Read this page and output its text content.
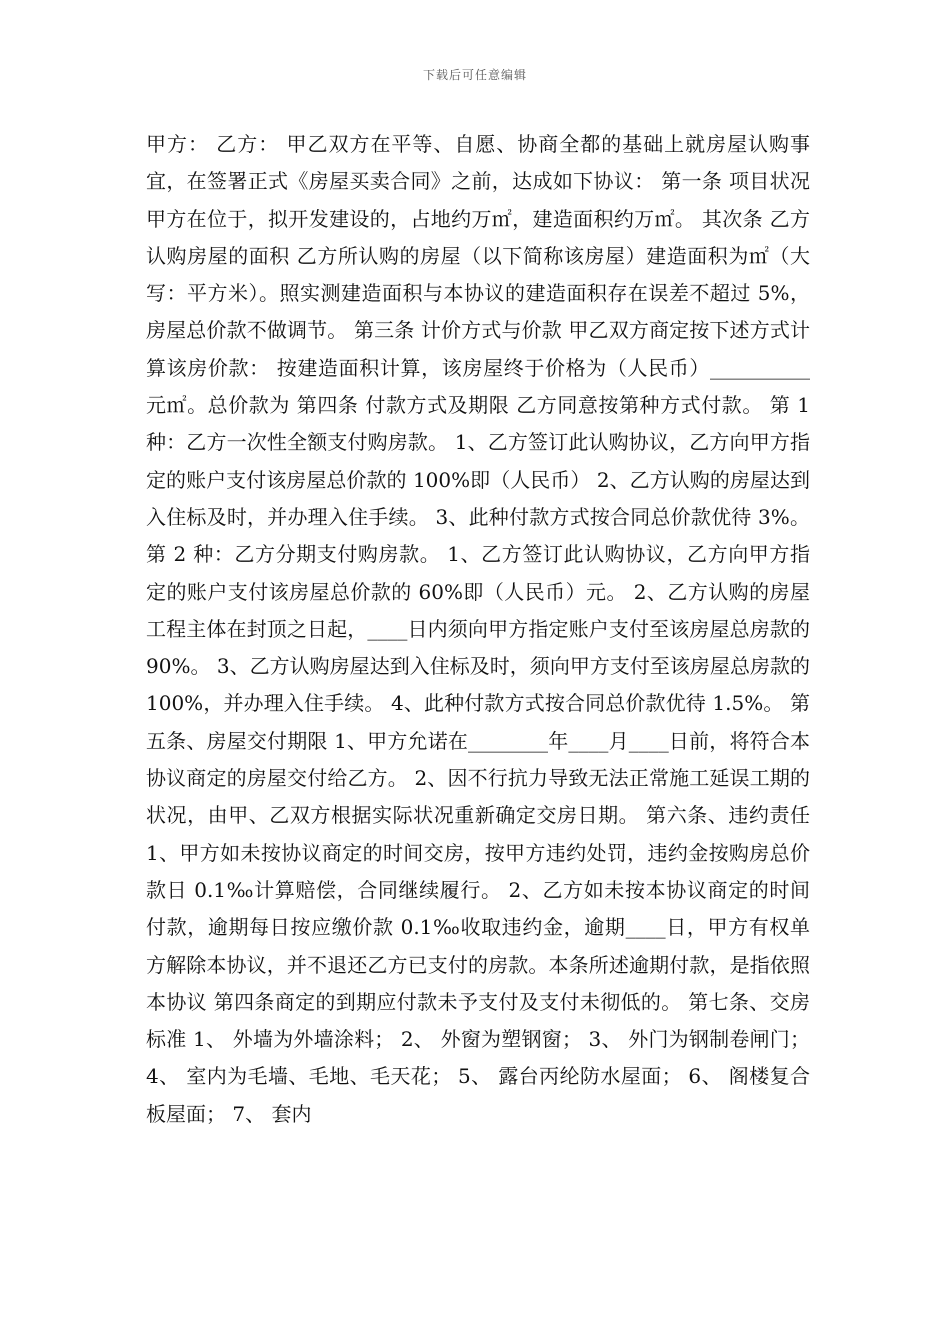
下载后可任意编辑
甲方： 乙方： 甲乙双方在平等、自愿、协商全都的基础上就房屋认购事宜，在签署正式《房屋买卖合同》之前，达成如下协议： 第一条 项目状况 甲方在位于，拟开发建设的，占地约万㎡，建造面积约万㎡。 其次条 乙方认购房屋的面积 乙方所认购的房屋（以下简称该房屋）建造面积为㎡（大写：平方米）。照实测建造面积与本协议的建造面积存在误差不超过 5%，房屋总价款不做调节。 第三条 计价方式与价款 甲乙双方商定按下述方式计算该房价款： 按建造面积计算，该房屋终于价格为（人民币）__________元㎡。总价款为 第四条 付款方式及期限 乙方同意按第种方式付款。 第 1 种：乙方一次性全额支付购房款。 1、乙方签订此认购协议，乙方向甲方指定的账户支付该房屋总价款的 100%即（人民币） 2、乙方认购的房屋达到入住标及时，并办理入住手续。 3、此种付款方式按合同总价款优待 3%。 第 2 种：乙方分期支付购房款。 1、乙方签订此认购协议，乙方向甲方指定的账户支付该房屋总价款的 60%即（人民币）元。 2、乙方认购的房屋工程主体在封顶之日起，____日内须向甲方指定账户支付至该房屋总房款的 90%。 3、乙方认购房屋达到入住标及时，须向甲方支付至该房屋总房款的 100%，并办理入住手续。 4、此种付款方式按合同总价款优待 1.5%。 第五条、房屋交付期限 1、甲方允诺在________年____月____日前，将符合本协议商定的房屋交付给乙方。 2、因不行抗力导致无法正常施工延误工期的状况，由甲、乙双方根据实际状况重新确定交房日期。 第六条、违约责任 1、甲方如未按协议商定的时间交房，按甲方违约处罚，违约金按购房总价款日 0.1‰计算赔偿，合同继续履行。 2、乙方如未按本协议商定的时间付款，逾期每日按应缴价款 0.1‰收取违约金，逾期____日，甲方有权单方解除本协议，并不退还乙方已支付的房款。本条所述逾期付款，是指依照本协议 第四条商定的到期应付款未予支付及支付未彻低的。 第七条、交房标准 1、 外墙为外墙涂料； 2、 外窗为塑钢窗； 3、 外门为钢制卷闸门； 4、 室内为毛墙、毛地、毛天花； 5、 露台丙纶防水屋面； 6、 阁楼复合板屋面； 7、 套内
